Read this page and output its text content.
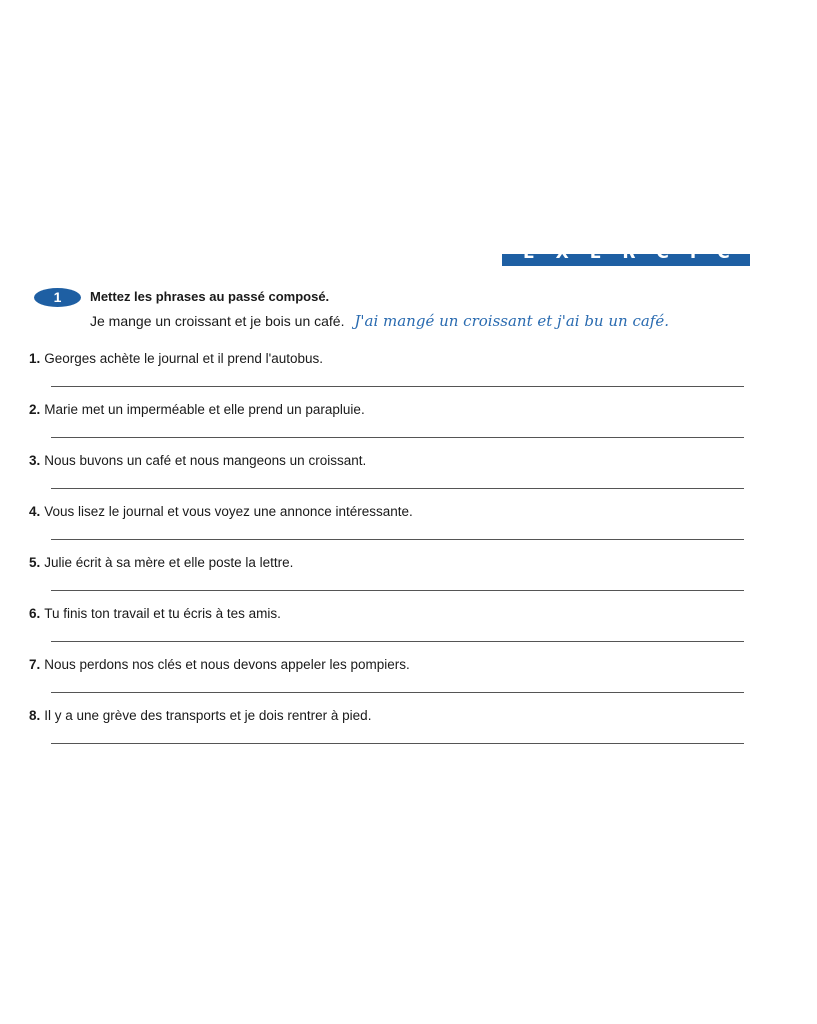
EXERCICES
1	Mettez les phrases au passé composé.
Je mange un croissant et je bois un café. J'ai mangé un croissant et j'ai bu un café.
1. Georges achète le journal et il prend l'autobus.
2. Marie met un imperméable et elle prend un parapluie.
3. Nous buvons un café et nous mangeons un croissant.
4. Vous lisez le journal et vous voyez une annonce intéressante.
5. Julie écrit à sa mère et elle poste la lettre.
6. Tu finis ton travail et tu écris à tes amis.
7. Nous perdons nos clés et nous devons appeler les pompiers.
8. Il y a une grève des transports et je dois rentrer à pied.
